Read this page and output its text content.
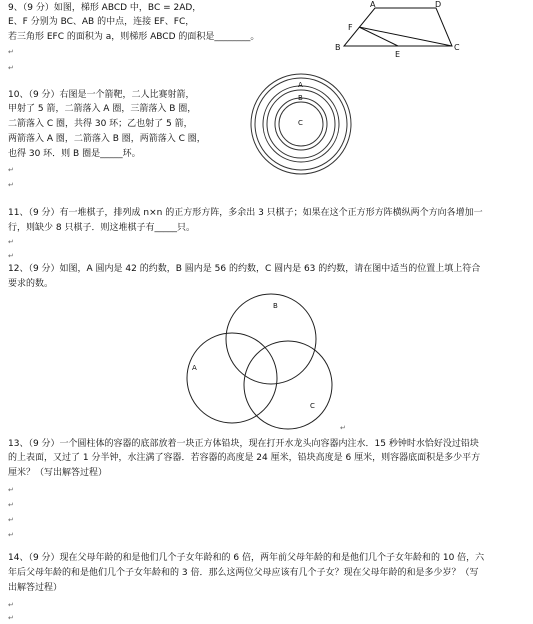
9、（9 分）如图，梯形 ABCD 中，BC = 2AD，
E、F 分别为 BC、AB 的中点，连接 EF、FC，
若三角形 EFC 的面积为 a，则梯形 ABCD 的面积是________。
↵
↵
A	D
F
B	C
E
10、（9 分）右图是一个箭靶，二人比赛射箭，
甲射了 5 箭，二箭落入 A 圈，三箭落入 B 圈，
二箭落入 C 圈，共得 30 环；乙也射了 5 箭，
两箭落入 A 圈，二箭落入 B 圈，两箭落入 C 圈，
也得 30 环．则 B 圈是_____环。
↵
↵
A
B
C
11、（9 分）有一堆棋子，排列成 n×n 的正方形方阵，多余出 3 只棋子；如果在这个正方形方阵横纵两个方向各增加一
行，则缺少 8 只棋子．则这堆棋子有_____只。
↵
↵
12、（9 分）如图，A 圆内是 42 的约数，B 圆内是 56 的约数，C 圆内是 63 的约数，请在图中适当的位置上填上符合
要求的数。
A
B
C
↵
13、（9 分）一个圆柱体的容器的底部放着一块正方体铅块，现在打开水龙头向容器内注水．15 秒钟时水恰好没过铅块
的上表面，又过了 1 分半钟，水注满了容器．若容器的高度是 24 厘米，铅块高度是 6 厘米，则容器底面积是多少平方
厘米？（写出解答过程）
↵
↵
↵
↵
14、（9 分）现在父母年龄的和是他们几个子女年龄和的 6 倍，两年前父母年龄的和是他们几个子女年龄和的 10 倍，六
年后父母年龄的和是他们几个子女年龄和的 3 倍．那么这两位父母应该有几个子女？现在父母年龄的和是多少岁？（写
出解答过程）
↵
↵
